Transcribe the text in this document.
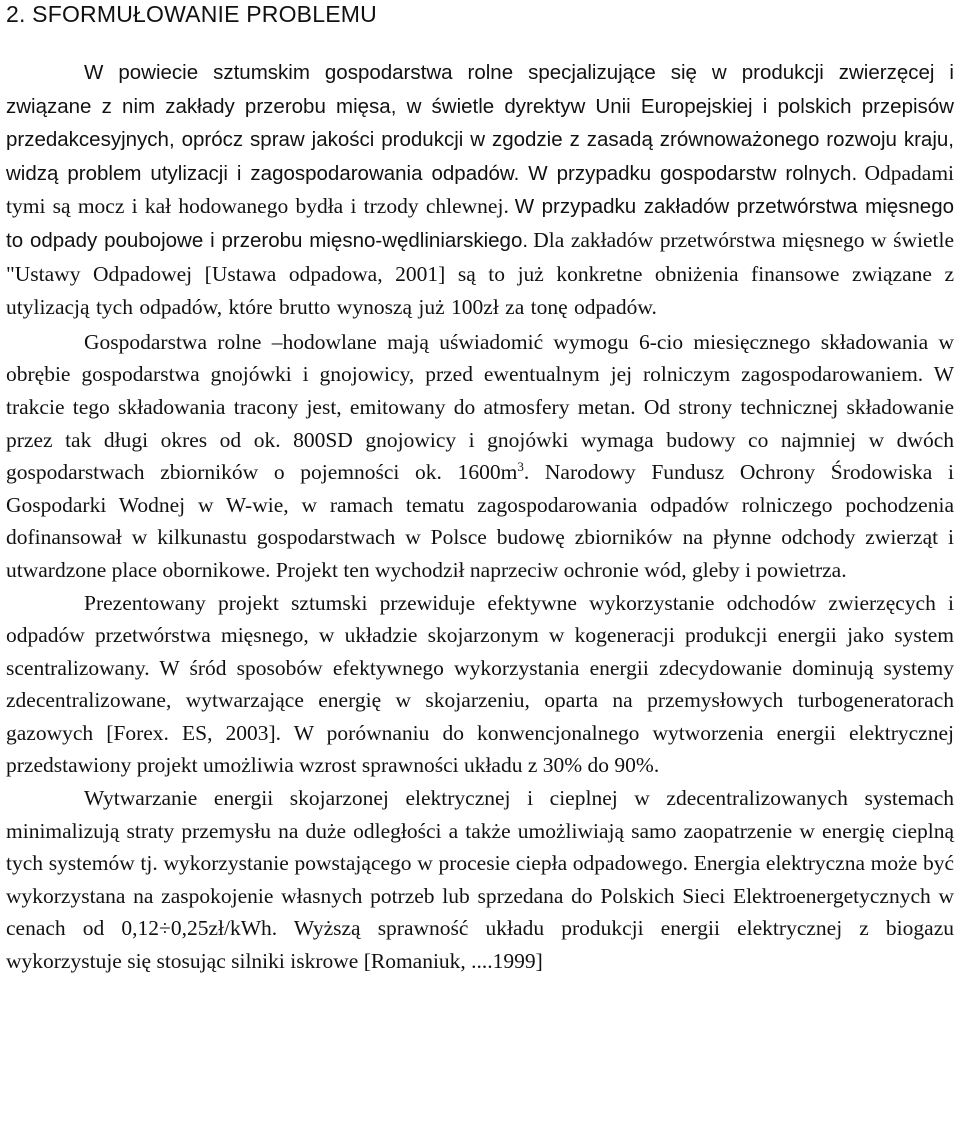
2. SFORMUŁOWANIE PROBLEMU

W powiecie sztumskim gospodarstwa rolne specjalizujące się w produkcji zwierzęcej i związane z nim zakłady przerobu mięsa, w świetle dyrektyw Unii Europejskiej i polskich przepisów przedakcesyjnych, oprócz spraw jakości produkcji w zgodzie z zasadą zrównoważonego rozwoju kraju, widzą problem utylizacji i zagospodarowania odpadów. W przypadku gospodarstw rolnych. Odpadami tymi są mocz i kał hodowanego bydła i trzody chlewnej. W przypadku zakładów przetwórstwa mięsnego to odpady poubojowe i przerobu mięsno-wędliniarskiego. Dla zakładów przetwórstwa mięsnego w świetle "Ustawy Odpadowej [Ustawa odpadowa, 2001] są to już konkretne obniżenia finansowe związane z utylizacją tych odpadów, które brutto wynoszą już 100zł za tonę odpadów.

Gospodarstwa rolne –hodowlane mają uświadomić wymogu 6-cio miesięcznego składowania w obrębie gospodarstwa gnojówki i gnojowicy, przed ewentualnym jej rolniczym zagospodarowaniem. W trakcie tego składowania tracony jest, emitowany do atmosfery metan. Od strony technicznej składowanie przez tak długi okres od ok. 800SD gnojowicy i gnojówki wymaga budowy co najmniej w dwóch gospodarstwach zbiorników o pojemności ok. $1600m^3$. Narodowy Fundusz Ochrony Środowiska i Gospodarki Wodnej w W-wie, w ramach tematu zagospodarowania odpadów rolniczego pochodzenia dofinansował w kilkunastu gospodarstwach w Polsce budowę zbiorników na płynne odchody zwierząt i utwardzone place obornikowe. Projekt ten wychodził naprzeciw ochronie wód, gleby i powietrza.

Prezentowany projekt sztumski przewiduje efektywne wykorzystanie odchodów zwierzęcych i odpadów przetwórstwa mięsnego, w układzie skojarzonym w kogeneracji produkcji energii jako system scentralizowany. W śród sposobów efektywnego wykorzystania energii zdecydowanie dominują systemy zdecentralizowane, wytwarzające energię w skojarzeniu, oparta na przemysłowych turbogeneratorach gazowych [Forex. ES, 2003]. W porównaniu do konwencjonalnego wytworzenia energii elektrycznej przedstawiony projekt umożliwia wzrost sprawności układu z 30% do 90%.

Wytwarzanie energii skojarzonej elektrycznej i cieplnej w zdecentralizowanych systemach minimalizują straty przemysłu na duże odległości a także umożliwiają samo zaopatrzenie w energię cieplną tych systemów tj. wykorzystanie powstającego w procesie ciepła odpadowego. Energia elektryczna może być wykorzystana na zaspokojenie własnych potrzeb lub sprzedana do Polskich Sieci Elektroenergetycznych w cenach od 0,12÷0,25zł/kWh. Wyższą sprawność układu produkcji energii elektrycznej z biogazu wykorzystuje się stosując silniki iskrowe [Romaniuk, ....1999]
